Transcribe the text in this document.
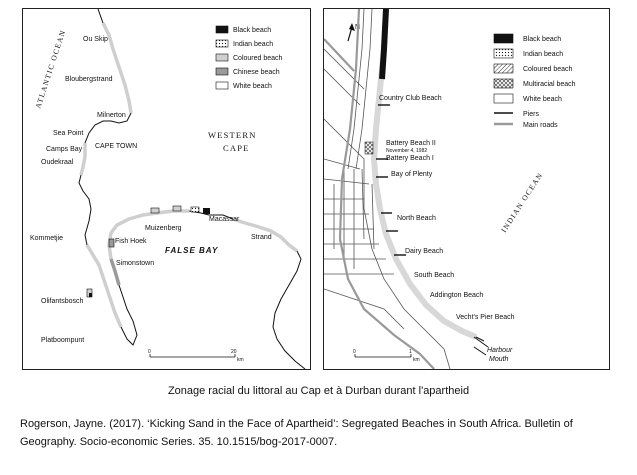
Black beach
Indian beach
Coloured beach
Chinese beach
White beach
ATLANTIC OCEAN
WESTERN
CAPE
FALSE BAY
Ou Skip
Bloubergstrand
Milnerton
Sea Point
CAPE TOWN
Camps Bay
Oudekraal
Muizenberg
Macassar
Strand
Fish Hoek
Simonstown
Kommetjie
Olifantsbosch
Platboompunt
0	20
km
N
Black beach
Indian beach
Coloured beach
Multiracial beach
White beach
Piers
Main roads
Country Club Beach
Battery Beach II
November 4, 1982
Battery Beach I
Bay of Plenty
North Beach
Dairy Beach
South Beach
Addington Beach
Vecht's Pier Beach
Harbour
Mouth
INDIAN OCEAN
0	1
km
Zonage racial du littoral au Cap et à Durban durant l'apartheid
Rogerson, Jayne. (2017). ‘Kicking Sand in the Face of Apartheid’: Segregated Beaches in South Africa. Bulletin of Geography. Socio-economic Series. 35. 10.1515/bog-2017-0007.
